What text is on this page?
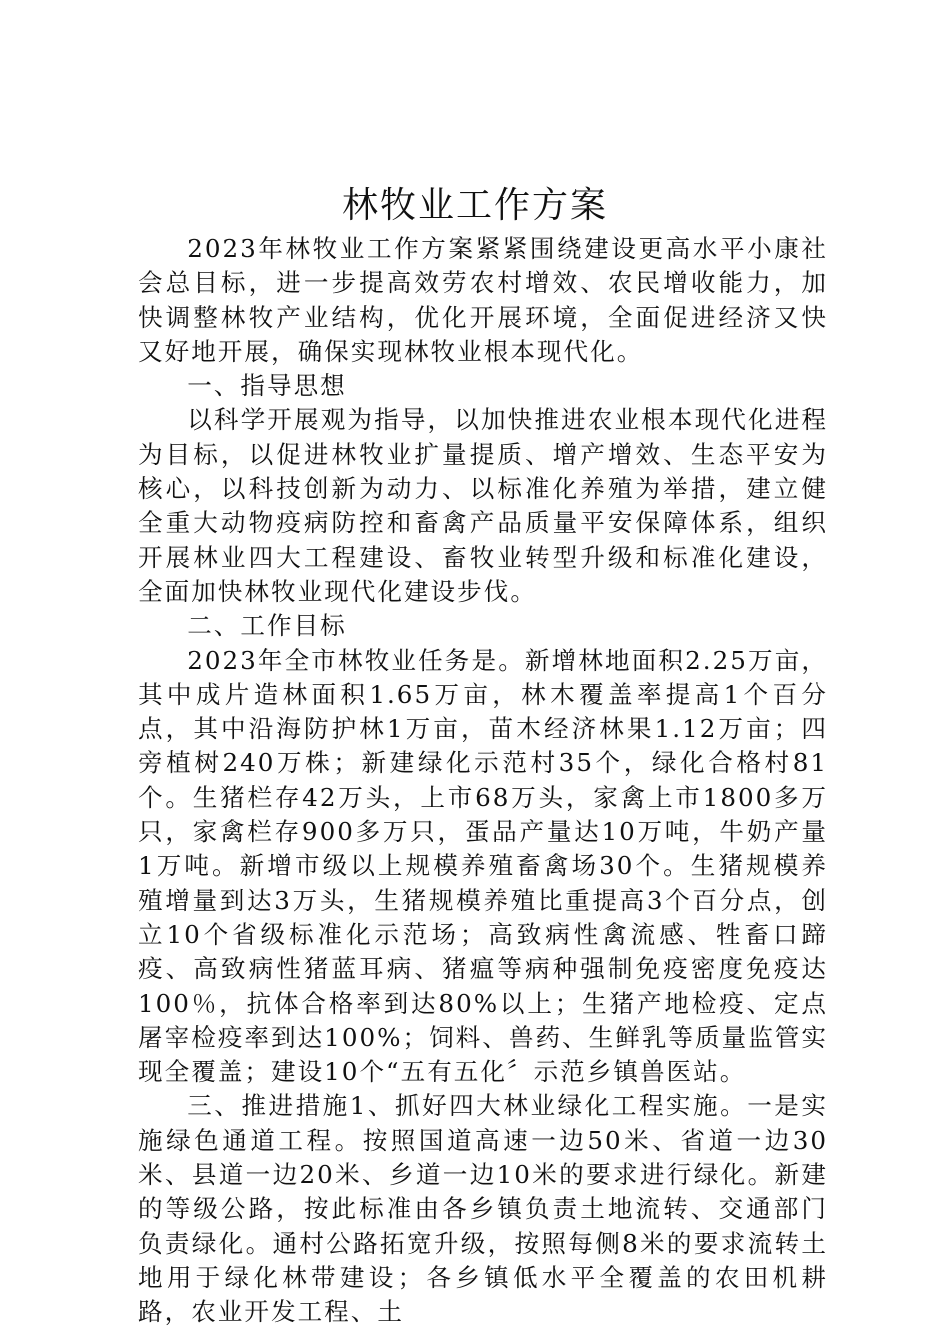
林牧业工作方案

2023年林牧业工作方案紧紧围绕建设更高水平小康社会总目标，进一步提高效劳农村增效、农民增收能力，加快调整林牧产业结构，优化开展环境，全面促进经济又快又好地开展，确保实现林牧业根本现代化。

一、指导思想

以科学开展观为指导，以加快推进农业根本现代化进程为目标，以促进林牧业扩量提质、增产增效、生态平安为核心，以科技创新为动力、以标准化养殖为举措，建立健全重大动物疫病防控和畜禽产品质量平安保障体系，组织开展林业四大工程建设、畜牧业转型升级和标准化建设，全面加快林牧业现代化建设步伐。

二、工作目标

2023年全市林牧业任务是。新增林地面积2.25万亩，其中成片造林面积1.65万亩，林木覆盖率提高1个百分点，其中沿海防护林1万亩，苗木经济林果1.12万亩；四旁植树240万株；新建绿化示范村35个，绿化合格村81个。生猪栏存42万头，上市68万头，家禽上市1800多万只，家禽栏存900多万只，蛋品产量达10万吨，牛奶产量1万吨。新增市级以上规模养殖畜禽场30个。生猪规模养殖增量到达3万头，生猪规模养殖比重提高3个百分点，创立10个省级标准化示范场；高致病性禽流感、牲畜口蹄疫、高致病性猪蓝耳病、猪瘟等病种强制免疫密度免疫达100％，抗体合格率到达80%以上；生猪产地检疫、定点屠宰检疫率到达100%；饲料、兽药、生鲜乳等质量监管实现全覆盖；建设10个“五有五化〞示范乡镇兽医站。

三、推进措施1、抓好四大林业绿化工程实施。一是实施绿色通道工程。按照国道高速一边50米、省道一边30米、县道一边20米、乡道一边10米的要求进行绿化。新建的等级公路，按此标准由各乡镇负责土地流转、交通部门负责绿化。通村公路拓宽升级，按照每侧8米的要求流转土地用于绿化林带建设；各乡镇低水平全覆盖的农田机耕路，农业开发工程、土
